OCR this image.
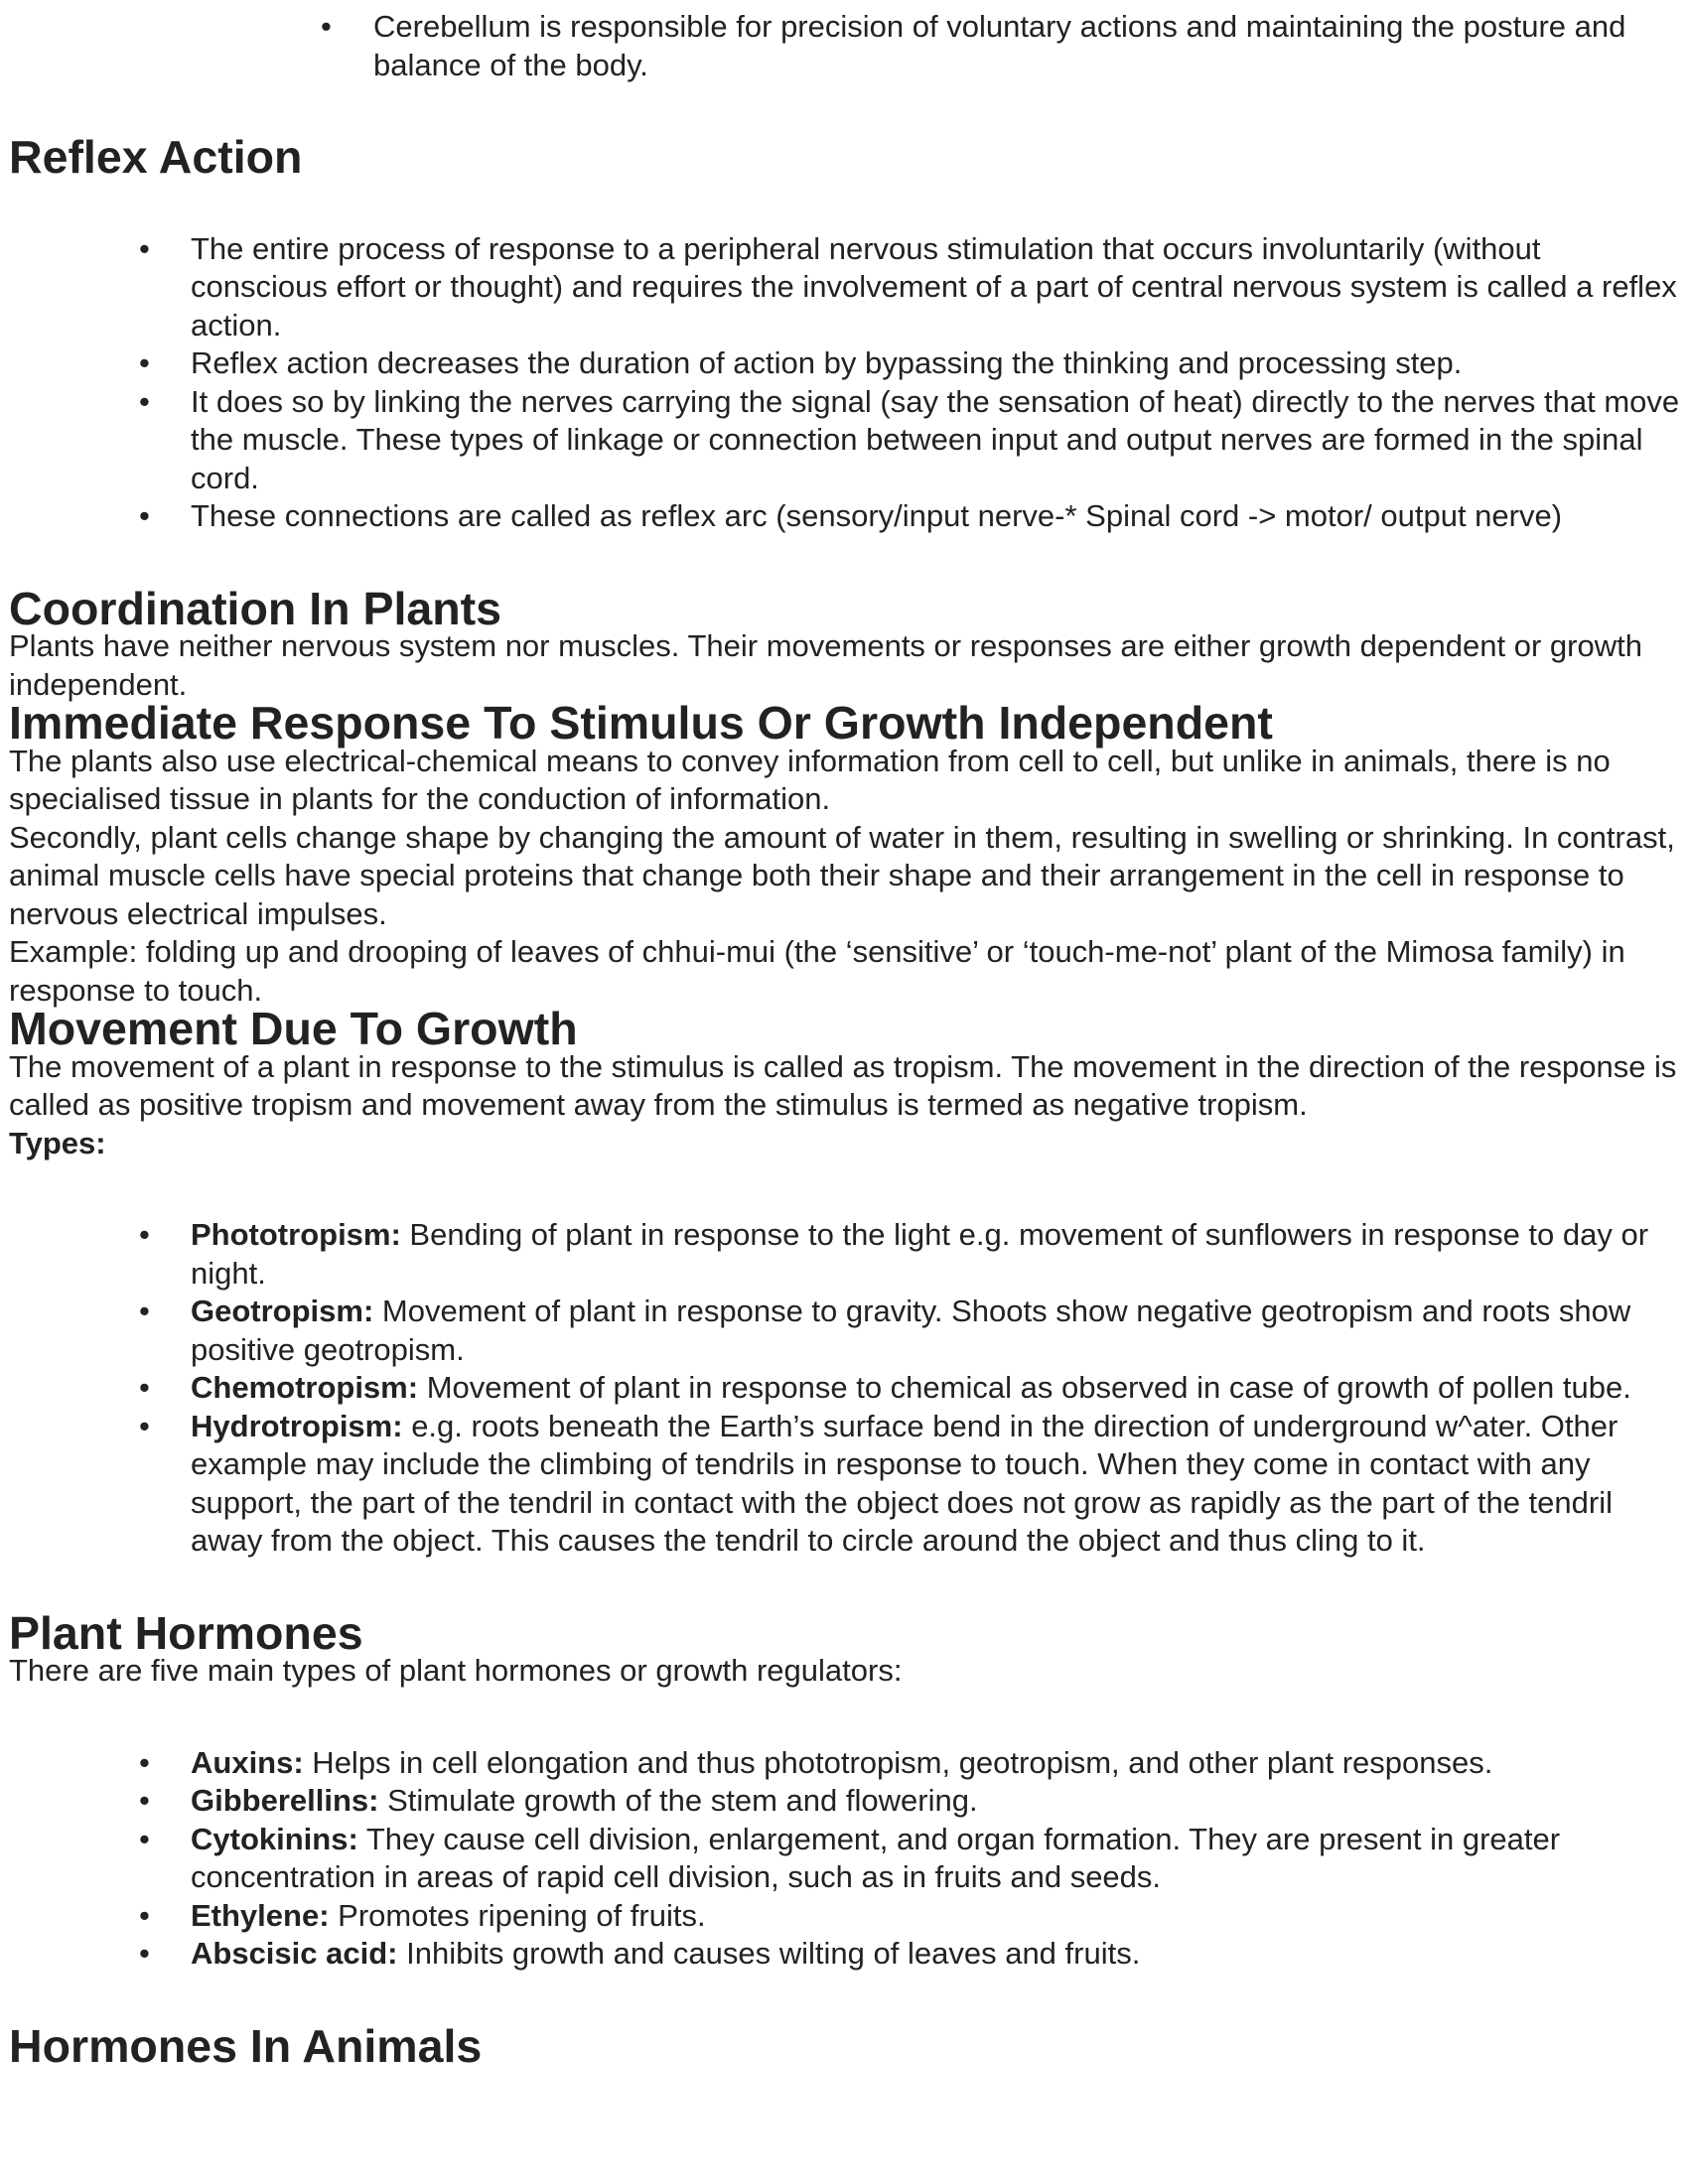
• Cerebellum is responsible for precision of voluntary actions and maintaining the posture and balance of the body.
Reflex Action
• The entire process of response to a peripheral nervous stimulation that occurs involuntarily (without conscious effort or thought) and requires the involvement of a part of central nervous system is called a reflex action.
• Reflex action decreases the duration of action by bypassing the thinking and processing step.
• It does so by linking the nerves carrying the signal (say the sensation of heat) directly to the nerves that move the muscle. These types of linkage or connection between input and output nerves are formed in the spinal cord.
• These connections are called as reflex arc (sensory/input nerve-* Spinal cord -> motor/ output nerve)
Coordination In Plants

Plants have neither nervous system nor muscles. Their movements or responses are either growth dependent or growth independent.

Immediate Response To Stimulus Or Growth Independent

The plants also use electrical-chemical means to convey information from cell to cell, but unlike in animals, there is no specialised tissue in plants for the conduction of information.

Secondly, plant cells change shape by changing the amount of water in them, resulting in swelling or shrinking. In contrast, animal muscle cells have special proteins that change both their shape and their arrangement in the cell in response to nervous electrical impulses.

Example: folding up and drooping of leaves of chhui-mui (the ‘sensitive’ or ‘touch-me-not’ plant of the Mimosa family) in response to touch.

Movement Due To Growth

The movement of a plant in response to the stimulus is called as tropism. The movement in the direction of the response is called as positive tropism and movement away from the stimulus is termed as negative tropism.

Types:

• Phototropism: Bending of plant in response to the light e.g. movement of sunflowers in response to day or night.
• Geotropism: Movement of plant in response to gravity. Shoots show negative geotropism and roots show positive geotropism.
• Chemotropism: Movement of plant in response to chemical as observed in case of growth of pollen tube.
• Hydrotropism: e.g. roots beneath the Earth’s surface bend in the direction of underground w^ater. Other example may include the climbing of tendrils in response to touch. When they come in contact with any support, the part of the tendril in contact with the object does not grow as rapidly as the part of the tendril away from the object. This causes the tendril to circle around the object and thus cling to it.
Plant Hormones

There are five main types of plant hormones or growth regulators:

• Auxins: Helps in cell elongation and thus phototropism, geotropism, and other plant responses.
• Gibberellins: Stimulate growth of the stem and flowering.
• Cytokinins: They cause cell division, enlargement, and organ formation. They are present in greater concentration in areas of rapid cell division, such as in fruits and seeds.
• Ethylene: Promotes ripening of fruits.
• Abscisic acid: Inhibits growth and causes wilting of leaves and fruits.
Hormones In Animals
